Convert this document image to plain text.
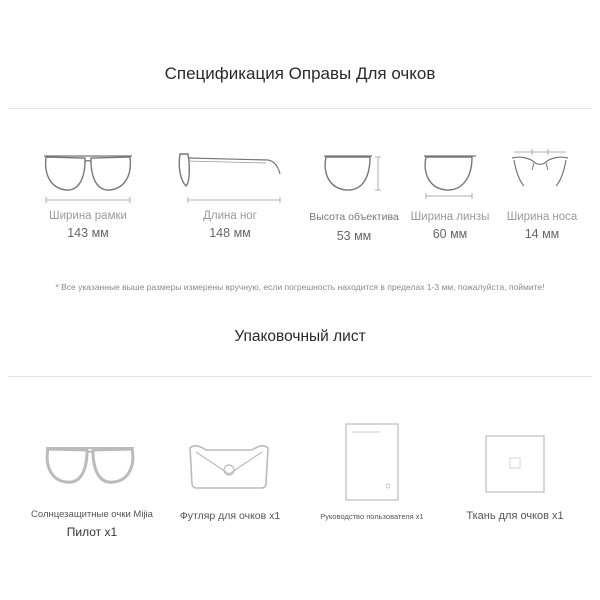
Спецификация Оправы Для очков
Ширина рамки
143 мм
Длина ног
148 мм
Высота объектива
53 мм
Ширина линзы
60 мм
Ширина носа
14 мм
* Все указанные выше размеры измерены вручную, если погрешность находится в пределах 1-3 мм, пожалуйста, поймите!
Упаковочный лист
Солнцезащитные очки Mijia
Пилот x1
Футляр для очков x1	Руководство пользователя x1	Ткань для очков x1
